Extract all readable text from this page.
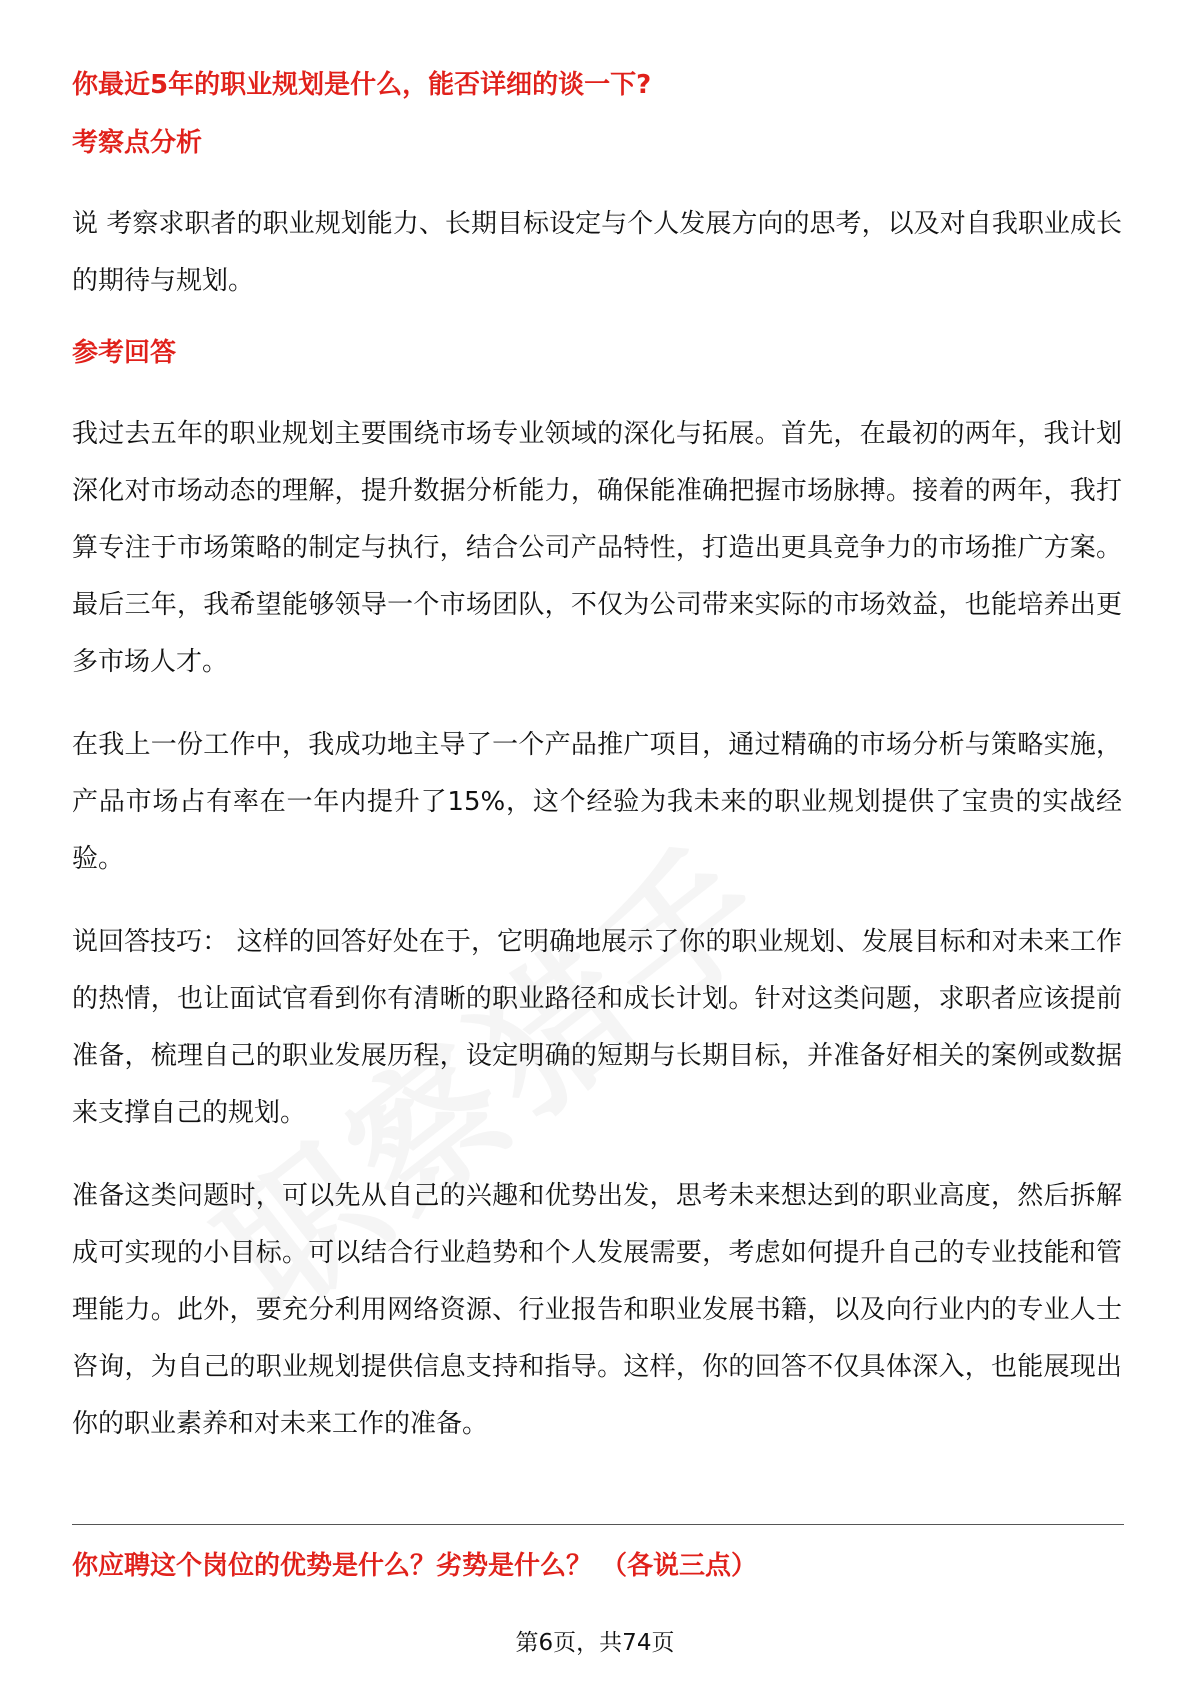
你最近5年的职业规划是什么，能否详细的谈一下?
考察点分析

说 考察求职者的职业规划能力、长期目标设定与个人发展方向的思考，以及对自我职业成长的期待与规划。

参考回答

我过去五年的职业规划主要围绕市场专业领域的深化与拓展。首先，在最初的两年，我计划深化对市场动态的理解，提升数据分析能力，确保能准确把握市场脉搏。接着的两年，我打算专注于市场策略的制定与执行，结合公司产品特性，打造出更具竞争力的市场推广方案。最后三年，我希望能够领导一个市场团队，不仅为公司带来实际的市场效益，也能培养出更多市场人才。

在我上一份工作中，我成功地主导了一个产品推广项目，通过精确的市场分析与策略实施，产品市场占有率在一年内提升了15%，这个经验为我未来的职业规划提供了宝贵的实战经验。

说回答技巧： 这样的回答好处在于，它明确地展示了你的职业规划、发展目标和对未来工作的热情，也让面试官看到你有清晰的职业路径和成长计划。针对这类问题，求职者应该提前准备，梳理自己的职业发展历程，设定明确的短期与长期目标，并准备好相关的案例或数据来支撑自己的规划。

准备这类问题时，可以先从自己的兴趣和优势出发，思考未来想达到的职业高度，然后拆解成可实现的小目标。可以结合行业趋势和个人发展需要，考虑如何提升自己的专业技能和管理能力。此外，要充分利用网络资源、行业报告和职业发展书籍，以及向行业内的专业人士咨询，为自己的职业规划提供信息支持和指导。这样，你的回答不仅具体深入，也能展现出你的职业素养和对未来工作的准备。

你应聘这个岗位的优势是什么？劣势是什么？ （各说三点）
第6页，共74页
